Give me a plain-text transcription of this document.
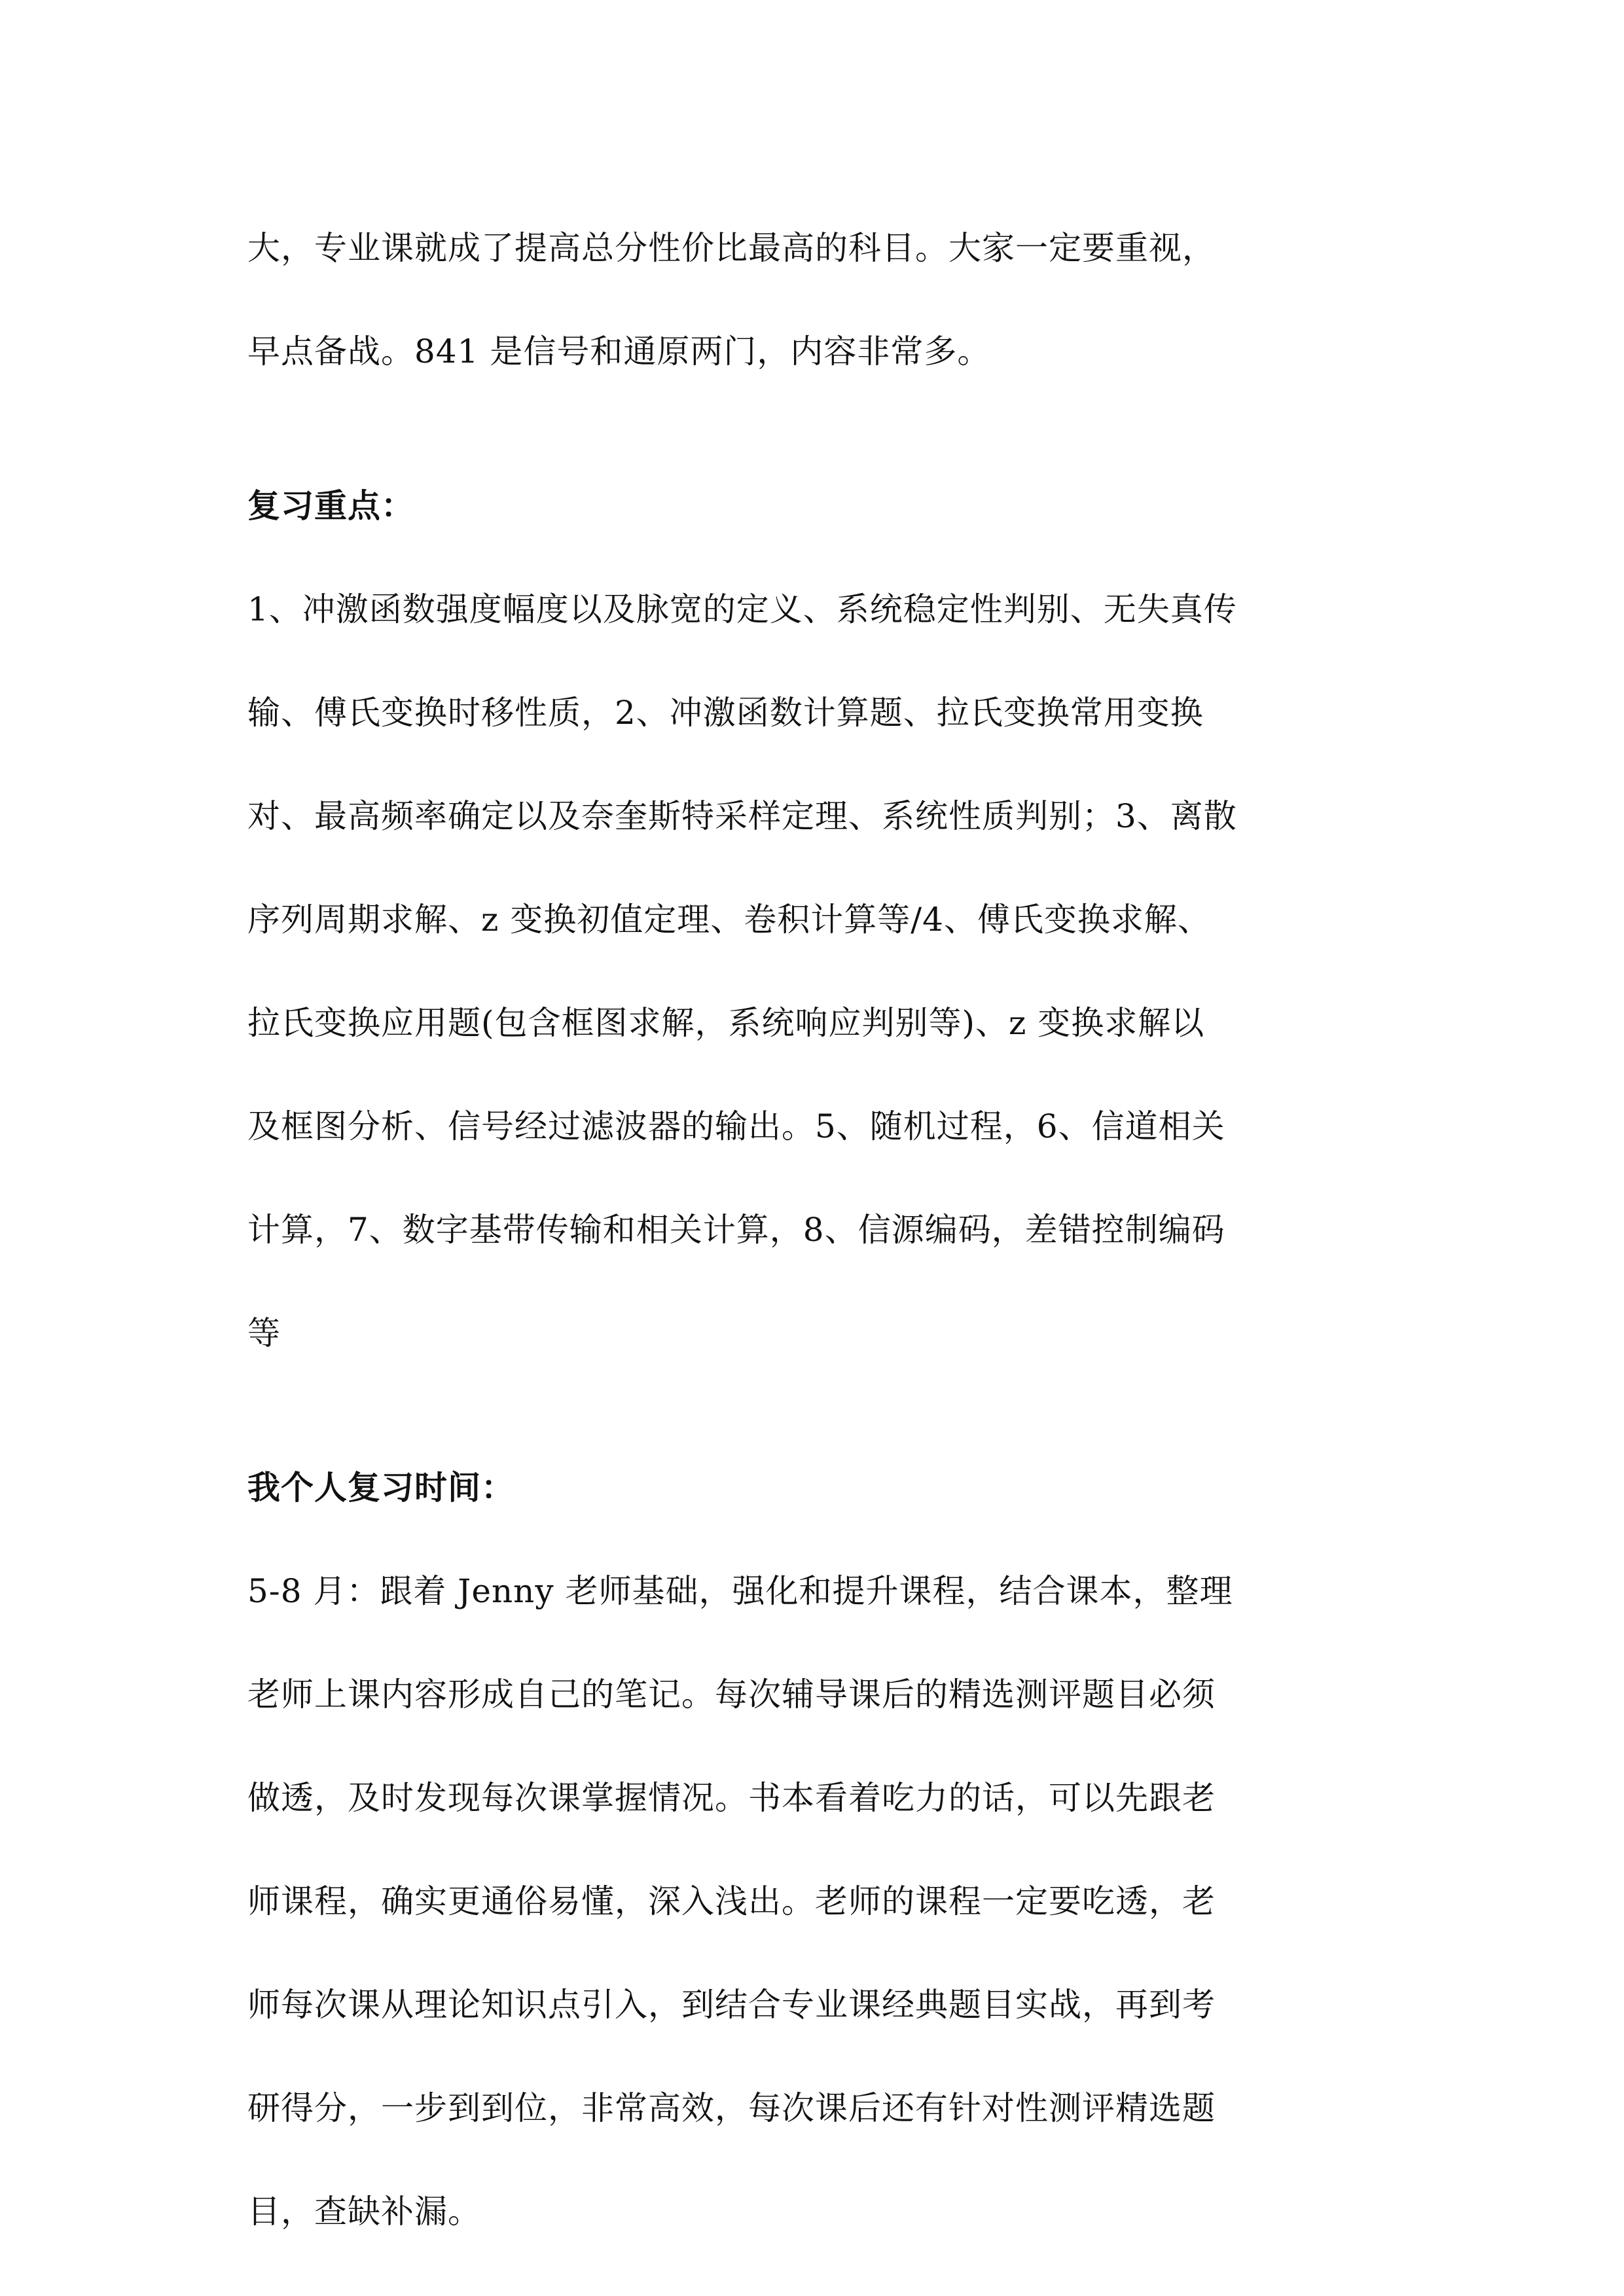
大，专业课就成了提高总分性价比最高的科目。大家一定要重视，
早点备战。841 是信号和通原两门，内容非常多。
复习重点：
1、冲激函数强度幅度以及脉宽的定义、系统稳定性判别、无失真传
输、傅氏变换时移性质，2、冲激函数计算题、拉氏变换常用变换
对、最高频率确定以及奈奎斯特采样定理、系统性质判别；3、离散
序列周期求解、z 变换初值定理、卷积计算等/4、傅氏变换求解、
拉氏变换应用题(包含框图求解，系统响应判别等)、z 变换求解以
及框图分析、信号经过滤波器的输出。5、随机过程，6、信道相关
计算，7、数字基带传输和相关计算，8、信源编码，差错控制编码
等
我个人复习时间：
5-8 月：跟着 Jenny 老师基础，强化和提升课程，结合课本，整理
老师上课内容形成自己的笔记。每次辅导课后的精选测评题目必须
做透，及时发现每次课掌握情况。书本看着吃力的话，可以先跟老
师课程，确实更通俗易懂，深入浅出。老师的课程一定要吃透，老
师每次课从理论知识点引入，到结合专业课经典题目实战，再到考
研得分，一步到到位，非常高效，每次课后还有针对性测评精选题
目，查缺补漏。
